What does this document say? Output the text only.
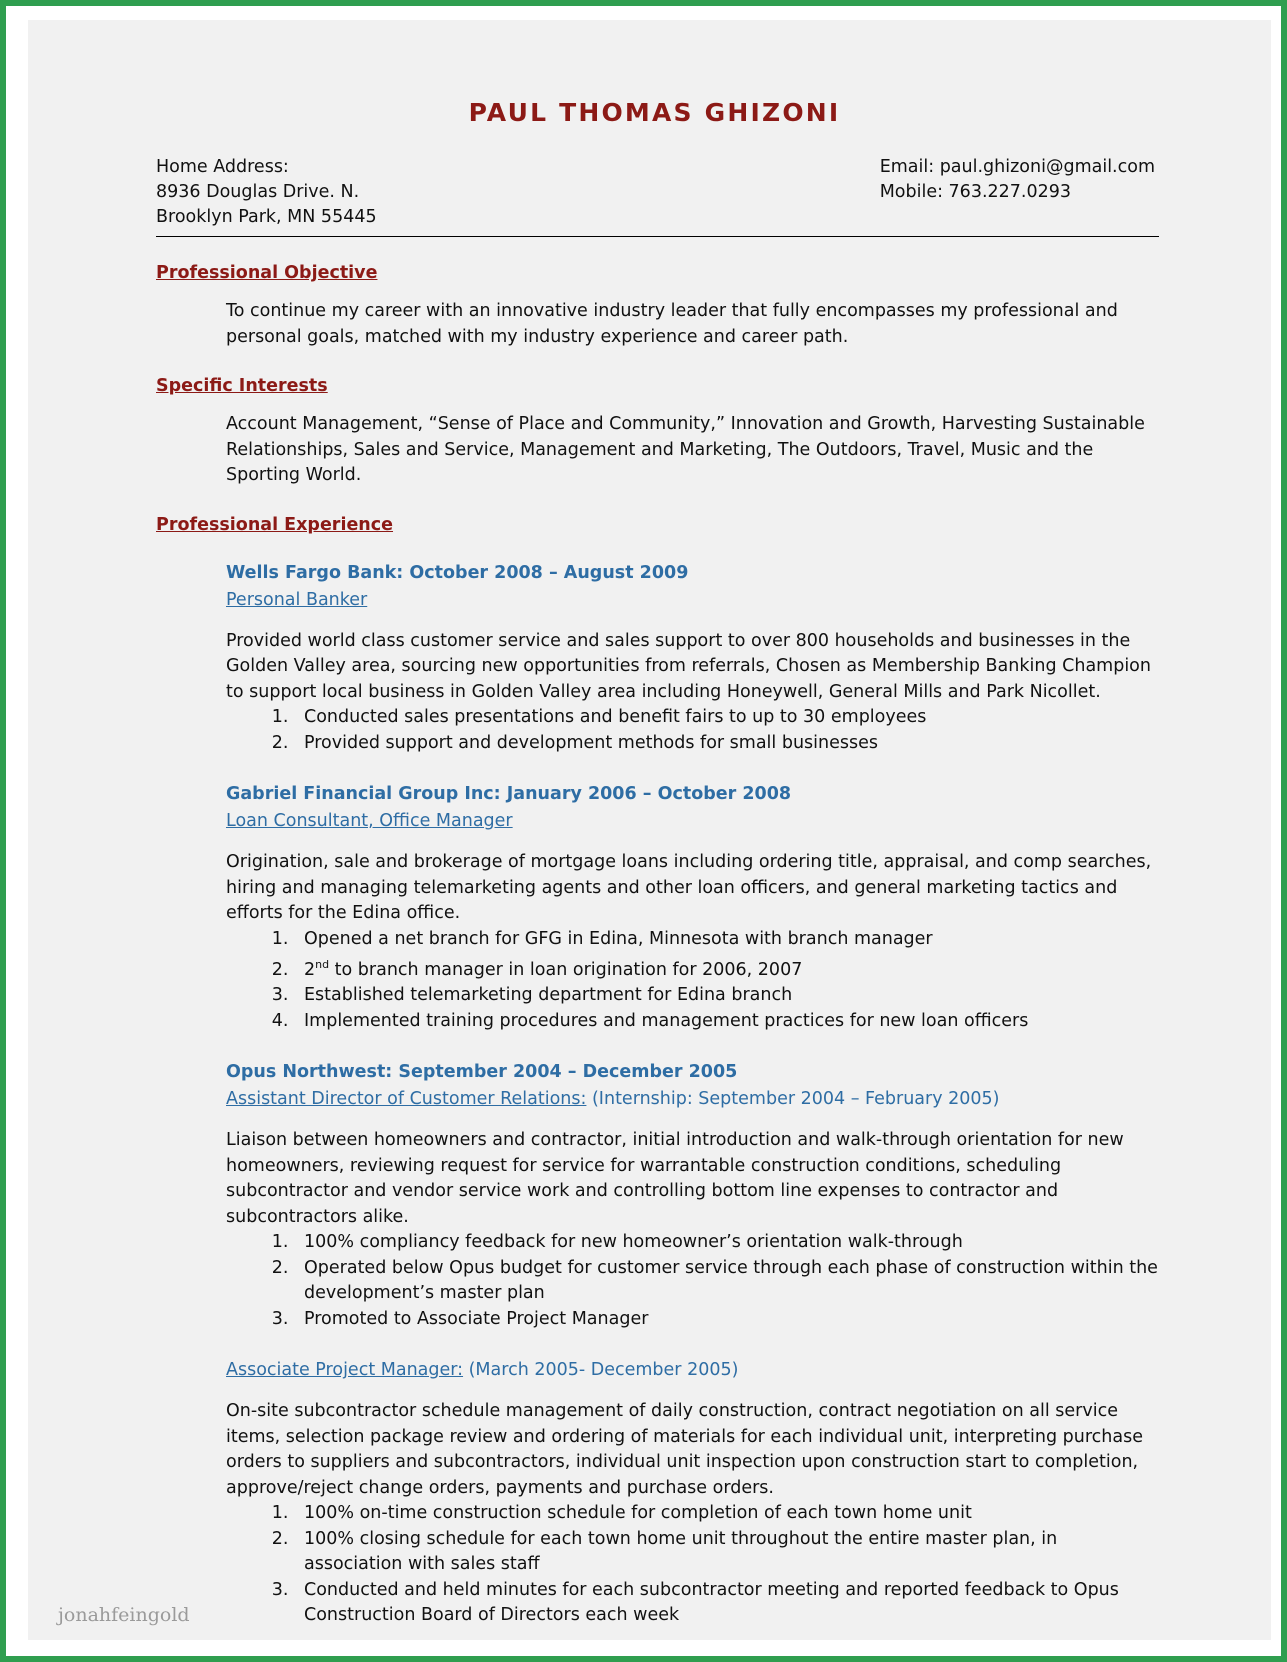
PAUL THOMAS GHIZONI
Home Address:
8936 Douglas Drive. N.
Brooklyn Park, MN 55445
Email: paul.ghizoni@gmail.com
Mobile: 763.227.0293
Professional Objective
To continue my career with an innovative industry leader that fully encompasses my professional and personal goals, matched with my industry experience and career path.
Specific Interests
Account Management, “Sense of Place and Community,” Innovation and Growth, Harvesting Sustainable Relationships, Sales and Service, Management and Marketing, The Outdoors, Travel, Music and the Sporting World.
Professional Experience
Wells Fargo Bank: October 2008 – August 2009
Personal Banker
Provided world class customer service and sales support to over 800 households and businesses in the Golden Valley area, sourcing new opportunities from referrals, Chosen as Membership Banking Champion to support local business in Golden Valley area including Honeywell, General Mills and Park Nicollet.
1. Conducted sales presentations and benefit fairs to up to 30 employees
2. Provided support and development methods for small businesses
Gabriel Financial Group Inc: January 2006 – October 2008
Loan Consultant, Office Manager
Origination, sale and brokerage of mortgage loans including ordering title, appraisal, and comp searches, hiring and managing telemarketing agents and other loan officers, and general marketing tactics and efforts for the Edina office.
1. Opened a net branch for GFG in Edina, Minnesota with branch manager
2. 2nd to branch manager in loan origination for 2006, 2007
3. Established telemarketing department for Edina branch
4. Implemented training procedures and management practices for new loan officers
Opus Northwest: September 2004 – December 2005
Assistant Director of Customer Relations: (Internship: September 2004 – February 2005)
Liaison between homeowners and contractor, initial introduction and walk-through orientation for new homeowners, reviewing request for service for warrantable construction conditions, scheduling subcontractor and vendor service work and controlling bottom line expenses to contractor and subcontractors alike.
1. 100% compliancy feedback for new homeowner’s orientation walk-through
2. Operated below Opus budget for customer service through each phase of construction within the development’s master plan
3. Promoted to Associate Project Manager
Associate Project Manager: (March 2005- December 2005)
On-site subcontractor schedule management of daily construction, contract negotiation on all service items, selection package review and ordering of materials for each individual unit, interpreting purchase orders to suppliers and subcontractors, individual unit inspection upon construction start to completion, approve/reject change orders, payments and purchase orders.
1. 100% on-time construction schedule for completion of each town home unit
2. 100% closing schedule for each town home unit throughout the entire master plan, in association with sales staff
3. Conducted and held minutes for each subcontractor meeting and reported feedback to Opus Construction Board of Directors each week
jonahfeingold
